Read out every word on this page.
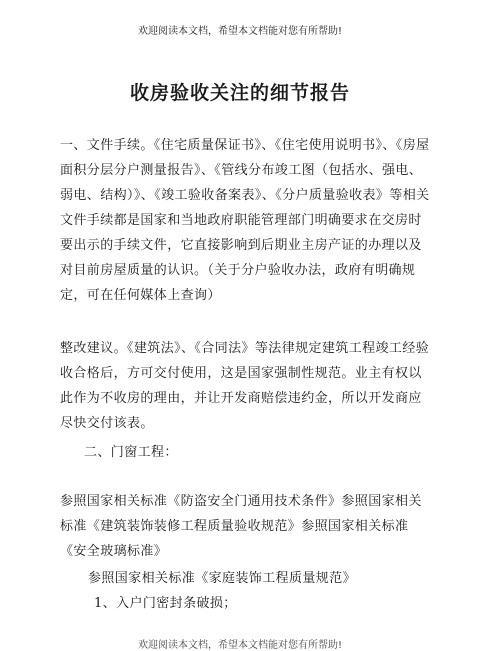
欢迎阅读本文档，希望本文档能对您有所帮助!
收房验收关注的细节报告

一、文件手续。《住宅质量保证书》、《住宅使用说明书》、《房屋面积分层分户测量报告》、《管线分布竣工图（包括水、强电、弱电、结构）》、《竣工验收备案表》、《分户质量验收表》等相关文件手续都是国家和当地政府职能管理部门明确要求在交房时要出示的手续文件，它直接影响到后期业主房产证的办理以及对目前房屋质量的认识。（关于分户验收办法，政府有明确规定，可在任何媒体上查询）

整改建议。《建筑法》、《合同法》等法律规定建筑工程竣工经验收合格后，方可交付使用，这是国家强制性规范。业主有权以此作为不收房的理由，并让开发商赔偿违约金，所以开发商应尽快交付该表。

二、门窗工程：

参照国家相关标准《防盗安全门通用技术条件》参照国家相关标准《建筑装饰装修工程质量验收规范》参照国家相关标准《安全玻璃标准》

参照国家相关标准《家庭装饰工程质量规范》

1、入户门密封条破损；

欢迎阅读本文档，希望本文档能对您有所帮助!
